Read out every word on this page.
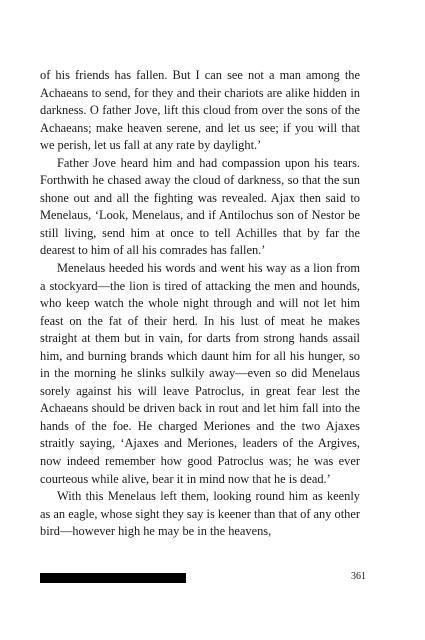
of his friends has fallen. But I can see not a man among the Achaeans to send, for they and their chariots are alike hidden in darkness. O father Jove, lift this cloud from over the sons of the Achaeans; make heaven serene, and let us see; if you will that we perish, let us fall at any rate by daylight.’

Father Jove heard him and had compassion upon his tears. Forthwith he chased away the cloud of darkness, so that the sun shone out and all the fighting was revealed. Ajax then said to Menelaus, ‘Look, Menelaus, and if Antilochus son of Nestor be still living, send him at once to tell Achilles that by far the dearest to him of all his comrades has fallen.’

Menelaus heeded his words and went his way as a lion from a stockyard—the lion is tired of attacking the men and hounds, who keep watch the whole night through and will not let him feast on the fat of their herd. In his lust of meat he makes straight at them but in vain, for darts from strong hands assail him, and burning brands which daunt him for all his hunger, so in the morning he slinks sulkily away—even so did Menelaus sorely against his will leave Patroclus, in great fear lest the Achaeans should be driven back in rout and let him fall into the hands of the foe. He charged Meriones and the two Ajaxes straitly saying, ‘Ajaxes and Meriones, leaders of the Argives, now indeed remember how good Patroclus was; he was ever courteous while alive, bear it in mind now that he is dead.’

With this Menelaus left them, looking round him as keenly as an eagle, whose sight they say is keener than that of any other bird—however high he may be in the heavens,

361
